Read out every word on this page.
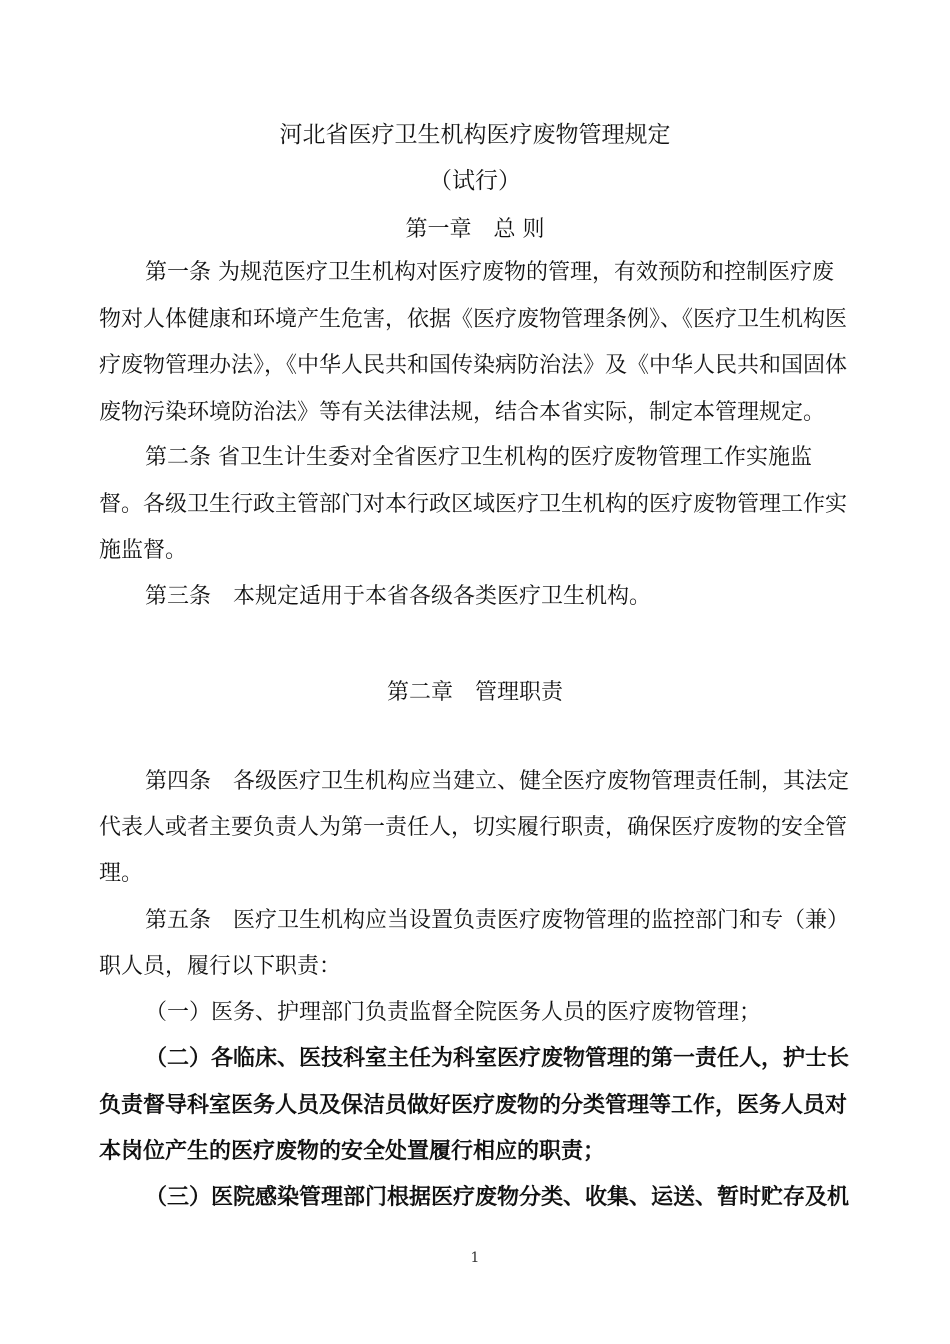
河北省医疗卫生机构医疗废物管理规定
（试行）
第一章　总 则
第一条 为规范医疗卫生机构对医疗废物的管理，有效预防和控制医疗废
物对人体健康和环境产生危害，依据《医疗废物管理条例》、《医疗卫生机构医
疗废物管理办法》，《中华人民共和国传染病防治法》及《中华人民共和国固体
废物污染环境防治法》等有关法律法规，结合本省实际，制定本管理规定。
第二条 省卫生计生委对全省医疗卫生机构的医疗废物管理工作实施监
督。各级卫生行政主管部门对本行政区域医疗卫生机构的医疗废物管理工作实
施监督。
第三条　本规定适用于本省各级各类医疗卫生机构。
第二章　管理职责
第四条　各级医疗卫生机构应当建立、健全医疗废物管理责任制，其法定
代表人或者主要负责人为第一责任人，切实履行职责，确保医疗废物的安全管
理。
第五条　医疗卫生机构应当设置负责医疗废物管理的监控部门和专（兼）
职人员，履行以下职责：
（一）医务、护理部门负责监督全院医务人员的医疗废物管理；
（二）各临床、医技科室主任为科室医疗废物管理的第一责任人，护士长
负责督导科室医务人员及保洁员做好医疗废物的分类管理等工作，医务人员对
本岗位产生的医疗废物的安全处置履行相应的职责；
（三）医院感染管理部门根据医疗废物分类、收集、运送、暂时贮存及机
1
